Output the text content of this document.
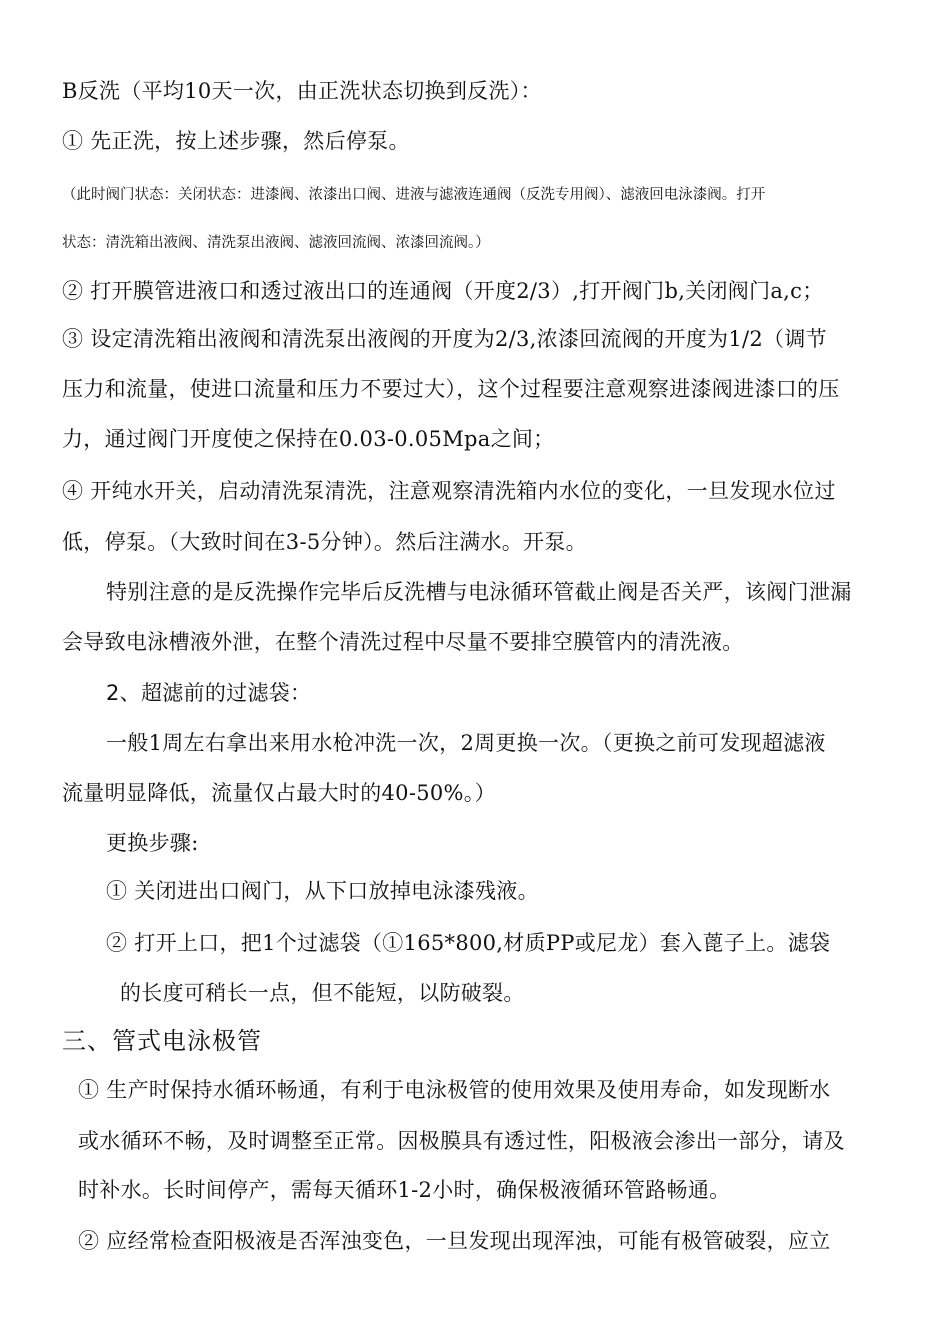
B反洗（平均10天一次，由正洗状态切换到反洗）：
① 先正洗，按上述步骤，然后停泵。
（此时阀门状态：关闭状态：进漆阀、浓漆出口阀、进液与滤液连通阀（反洗专用阀）、滤液回电泳漆阀。打开
状态：清洗箱出液阀、清洗泵出液阀、滤液回流阀、浓漆回流阀。）
② 打开膜管进液口和透过液出口的连通阀（开度2/3）,打开阀门b,关闭阀门a,c；
③ 设定清洗箱出液阀和清洗泵出液阀的开度为2/3,浓漆回流阀的开度为1/2（调节
压力和流量，使进口流量和压力不要过大），这个过程要注意观察进漆阀进漆口的压
力，通过阀门开度使之保持在0.03-0.05Mpa之间；
④ 开纯水开关，启动清洗泵清洗，注意观察清洗箱内水位的变化，一旦发现水位过
低，停泵。（大致时间在3-5分钟）。然后注满水。开泵。
特别注意的是反洗操作完毕后反洗槽与电泳循环管截止阀是否关严，该阀门泄漏
会导致电泳槽液外泄，在整个清洗过程中尽量不要排空膜管内的清洗液。
2、超滤前的过滤袋：
一般1周左右拿出来用水枪冲洗一次，2周更换一次。（更换之前可发现超滤液
流量明显降低，流量仅占最大时的40-50%。）
更换步骤:
① 关闭进出口阀门，从下口放掉电泳漆残液。
② 打开上口，把1个过滤袋（①165*800,材质PP或尼龙）套入蓖子上。滤袋
的长度可稍长一点，但不能短，以防破裂。
三、管式电泳极管
① 生产时保持水循环畅通，有利于电泳极管的使用效果及使用寿命，如发现断水
或水循环不畅，及时调整至正常。因极膜具有透过性，阳极液会渗出一部分，请及
时补水。长时间停产，需每天循环1-2小时，确保极液循环管路畅通。
② 应经常检查阳极液是否浑浊变色，一旦发现出现浑浊，可能有极管破裂，应立
